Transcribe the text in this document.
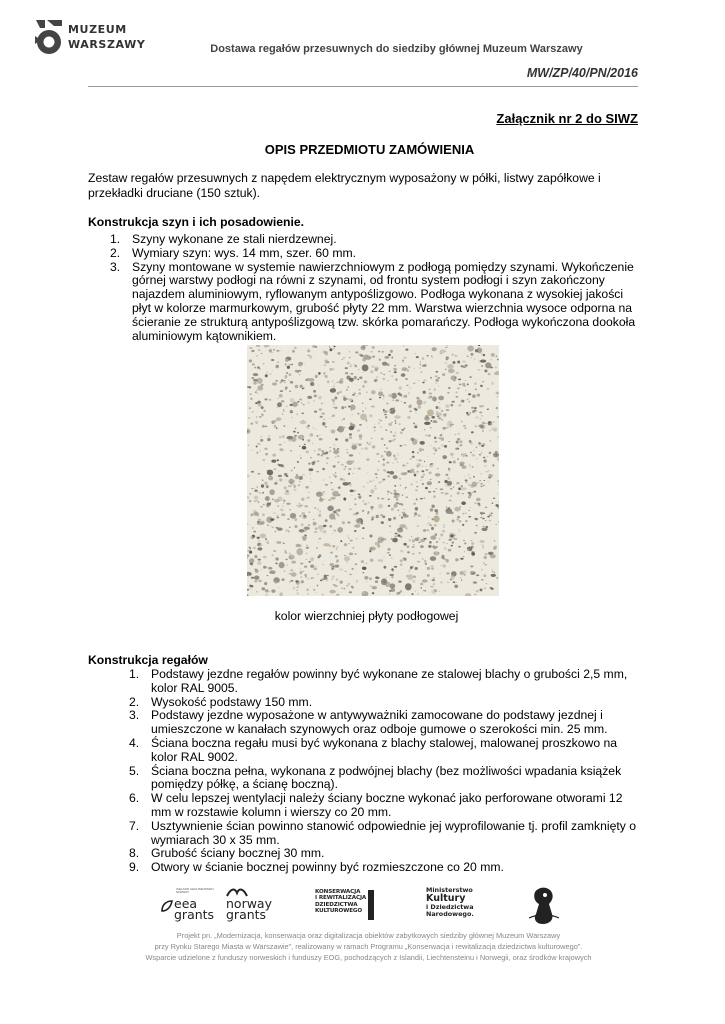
MUZEUM
WARSZAWY	Dostawa regałów przesuwnych do siedziby głównej Muzeum Warszawy
MW/ZP/40/PN/2016
Załącznik nr 2 do SIWZ
OPIS PRZEDMIOTU ZAMÓWIENIA
Zestaw regałów przesuwnych z napędem elektrycznym wyposażony w półki, listwy zapółkowe i przekładki druciane (150 sztuk).
Konstrukcja szyn i ich posadowienie.
1. Szyny wykonane ze stali nierdzewnej.
2. Wymiary szyn: wys. 14 mm, szer. 60 mm.
3. Szyny montowane w systemie nawierzchniowym z podłogą pomiędzy szynami. Wykończenie górnej warstwy podłogi na równi z szynami, od frontu system podłogi i szyn zakończony najazdem aluminiowym, ryflowanym antypoślizgowo. Podłoga wykonana z wysokiej jakości płyt w kolorze marmurkowym, grubość płyty 22 mm. Warstwa wierzchnia wysoce odporna na ścieranie ze strukturą antypoślizgową tzw. skórka pomarańczy. Podłoga wykończona dookoła aluminiowym kątownikiem.
kolor wierzchniej płyty podłogowej
Konstrukcja regałów
1. Podstawy jezdne regałów powinny być wykonane ze stalowej blachy o grubości 2,5 mm, kolor RAL 9005.
2. Wysokość podstawy 150 mm.
3. Podstawy jezdne wyposażone w antywyważniki zamocowane do podstawy jezdnej i umieszczone w kanałach szynowych oraz odboje gumowe o szerokości min. 25 mm.
4. Ściana boczna regału musi być wykonana z blachy stalowej, malowanej proszkowo na kolor RAL 9002.
5. Ściana boczna pełna, wykonana z podwójnej blachy (bez możliwości wpadania książek pomiędzy półkę, a ścianę boczną).
6. W celu lepszej wentylacji należy ściany boczne wykonać jako perforowane otworami 12 mm w rozstawie kolumn i wierszy co 20 mm.
7. Usztywnienie ścian powinno stanowić odpowiednie jej wyprofilowanie tj. profil zamknięty o wymiarach 30 x 35 mm.
8. Grubość ściany bocznej 30 mm.
9. Otwory w ścianie bocznej powinny być rozmieszczone co 20 mm.
ICELAND LIECHTENSTEIN NORWAY
eea
grants
norway
grants
KONSERWACJA
I REWITALIZACJA
DZIEDZICTWA
KULTUROWEGO
Ministerstwo
Kultury
i Dziedzictwa
Narodowego.
Projekt pn. „Modernizacja, konserwacja oraz digitalizacja obiektów zabytkowych siedziby głównej Muzeum Warszawy
przy Rynku Starego Miasta w Warszawie”, realizowany w ramach Programu „Konserwacja i rewitalizacja dziedzictwa kulturowego”.
Wsparcie udzielone z funduszy norweskich i funduszy EOG, pochodzących z Islandii, Liechtensteinu i Norwegii, oraz środków krajowych
